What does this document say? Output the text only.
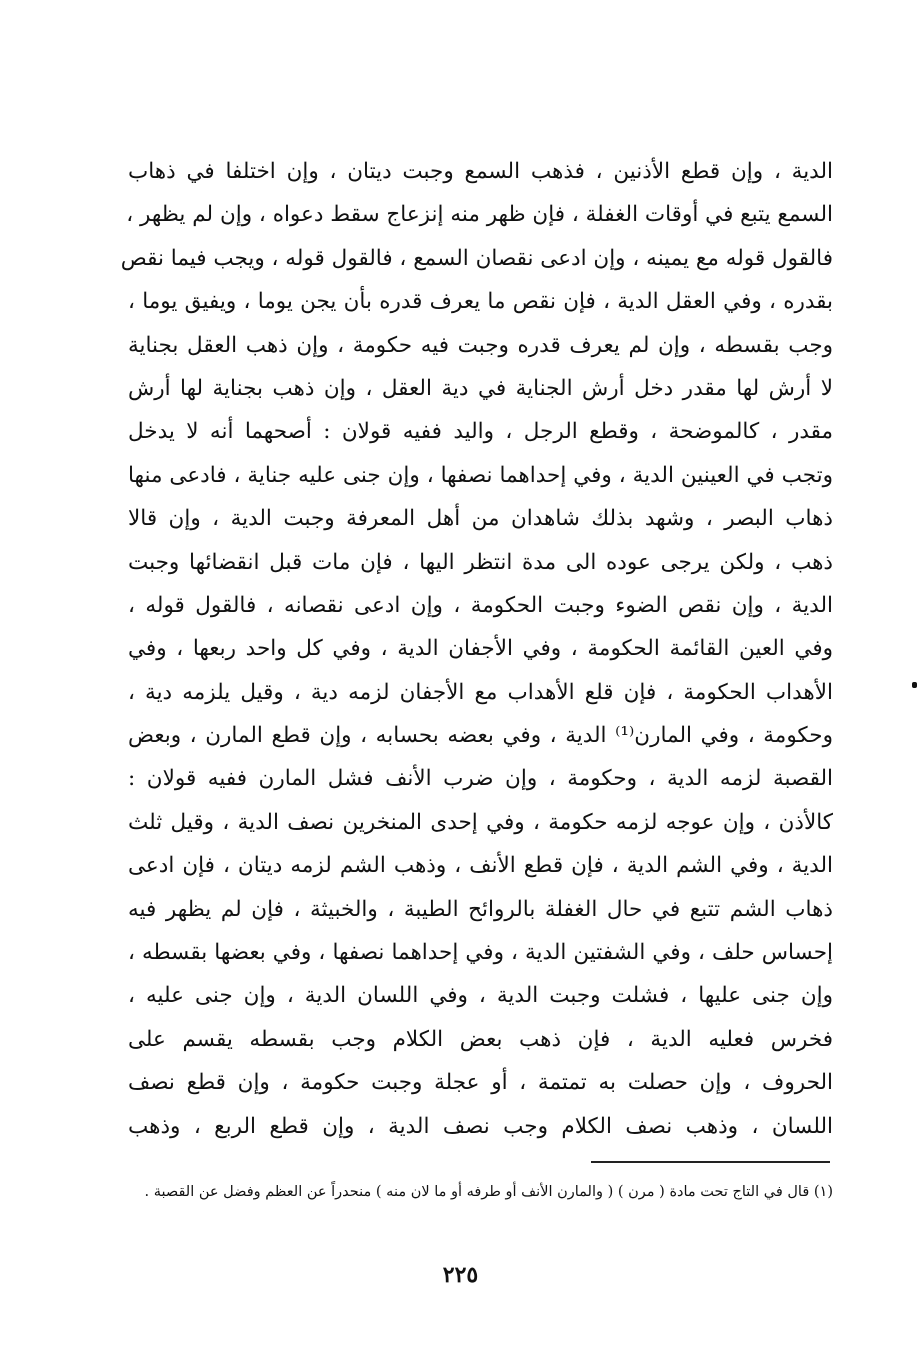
الدية ، وإن قطع الأذنين ، فذهب السمع وجبت ديتان ، وإن اختلفا في ذهاب
السمع يتبع في أوقات الغفلة ، فإن ظهر منه إنزعاج سقط دعواه ، وإن لم يظهر ،
فالقول قوله مع يمينه ، وإن ادعى نقصان السمع ، فالقول قوله ، ويجب فيما نقص
بقدره ، وفي العقل الدية ، فإن نقص ما يعرف قدره بأن يجن يوما ، ويفيق يوما ،
وجب بقسطه ، وإن لم يعرف قدره وجبت فيه حكومة ، وإن ذهب العقل بجناية
لا أرش لها مقدر دخل أرش الجناية في دية العقل ، وإن ذهب بجناية لها أرش
مقدر ، كالموضحة ، وقطع الرجل ، واليد ففيه قولان : أصحهما أنه لا يدخل
وتجب في العينين الدية ، وفي إحداهما نصفها ، وإن جنى عليه جناية ، فادعى منها
ذهاب البصر ، وشهد بذلك شاهدان من أهل المعرفة وجبت الدية ، وإن قالا
ذهب ، ولكن يرجى عوده الى مدة انتظر اليها ، فإن مات قبل انقضائها وجبت
الدية ، وإن نقص الضوء وجبت الحكومة ، وإن ادعى نقصانه ، فالقول قوله ،
وفي العين القائمة الحكومة ، وفي الأجفان الدية ، وفي كل واحد ربعها ، وفي
الأهداب الحكومة ، فإن قلع الأهداب مع الأجفان لزمه دية ، وقيل يلزمه دية ،
وحكومة ، وفي المارن⁽¹⁾ الدية ، وفي بعضه بحسابه ، وإن قطع المارن ، وبعض
القصبة لزمه الدية ، وحكومة ، وإن ضرب الأنف فشل المارن ففيه قولان :
كالأذن ، وإن عوجه لزمه حكومة ، وفي إحدى المنخرين نصف الدية ، وقيل ثلث
الدية ، وفي الشم الدية ، فإن قطع الأنف ، وذهب الشم لزمه ديتان ، فإن ادعى
ذهاب الشم تتبع في حال الغفلة بالروائح الطيبة ، والخبيثة ، فإن لم يظهر فيه
إحساس حلف ، وفي الشفتين الدية ، وفي إحداهما نصفها ، وفي بعضها بقسطه ،
وإن جنى عليها ، فشلت وجبت الدية ، وفي اللسان الدية ، وإن جنى عليه ،
فخرس فعليه الدية ، فإن ذهب بعض الكلام وجب بقسطه يقسم على
الحروف ، وإن حصلت به تمتمة ، أو عجلة وجبت حكومة ، وإن قطع نصف
اللسان ، وذهب نصف الكلام وجب نصف الدية ، وإن قطع الربع ، وذهب
(١) قال في التاج تحت مادة ( مرن ) ( والمارن الأنف أو طرفه أو ما لان منه ) منحدراً عن العظم وفضل عن القصبة .
٢٢٥
